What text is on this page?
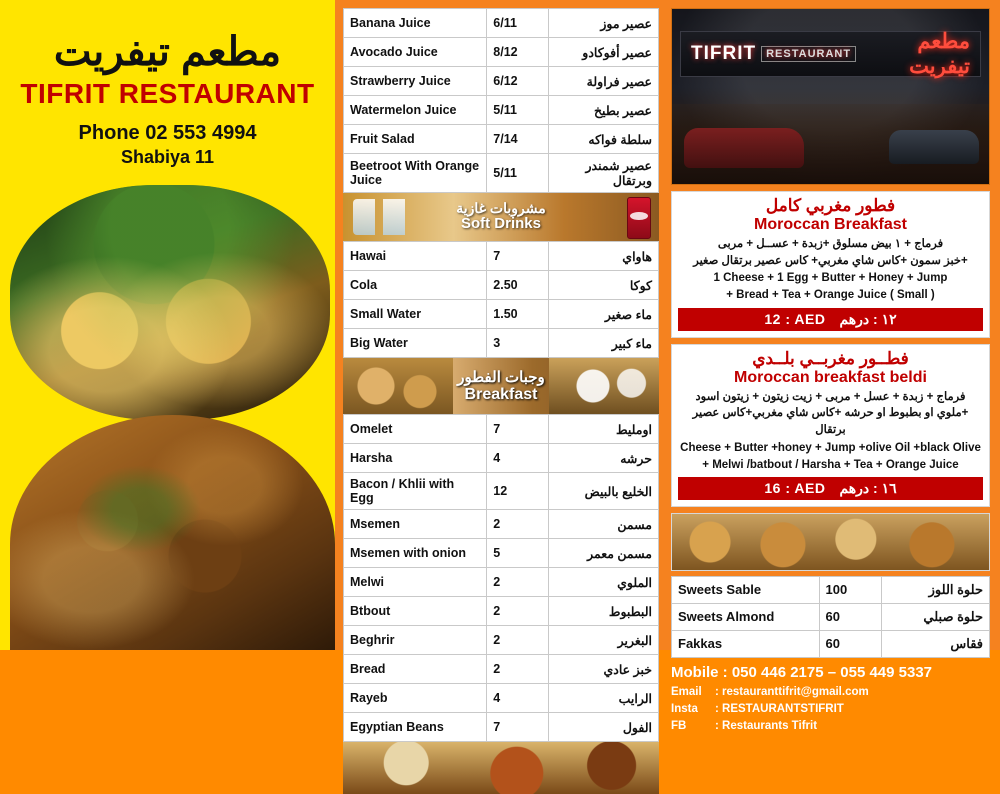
مطعم تيفريت
TIFRIT RESTAURANT
Phone 02 553 4994
Shabiya 11
Banana Juice	6/11	عصير موز
Avocado Juice	8/12	عصير أفوكادو
Strawberry Juice	6/12	عصير فراولة
Watermelon Juice	5/11	عصير بطيخ
Fruit Salad	7/14	سلطة فواكه
Beetroot With Orange Juice	5/11	عصير شمندر وبرتقال
مشروبات غازية
Soft Drinks
Hawai	7	هاواي
Cola	2.50	كوكا
Small Water	1.50	ماء صغير
Big Water	3	ماء كبير
وجبات الفطور
Breakfast
Omelet	7	اوملیط
Harsha	4	حرشه
Bacon / Khlii with Egg	12	الخليع بالبيض
Msemen	2	مسمن
Msemen with onion	5	مسمن معمر
Melwi	2	الملوي
Btbout	2	البطبوط
Beghrir	2	البغرير
Bread	2	خبز عادي
Rayeb	4	الرايب
Egyptian Beans	7	الفول
TIFRIT RESTAURANT
مطعم تيفريت
فطور مغربي كامل
Moroccan Breakfast
فرماج + ١ بيض مسلوق +زبدة + عســل + مربى
+خبز سمون +كاس شاي مغربي+ كاس عصير برتقال صغير
1 Cheese + 1 Egg + Butter + Honey + Jump
+ Bread + Tea + Orange Juice ( Small )
12 : AED ١٢ : درهم
فطــور مغربــي بلــدي
Moroccan breakfast beldi
فرماج + زبدة + عسل + مربى + زيت زيتون + زيتون اسود
+ملوي او بطبوط او حرشه +كاس شاي مغربي+كاس عصير برتقال
Cheese + Butter +honey + Jump +olive Oil +black Olive
+ Melwi /batbout / Harsha + Tea + Orange Juice
16 : AED ١٦ : درهم
Sweets Sable	100	حلوة اللوز
Sweets Almond	60	حلوة صبلي
Fakkas	60	فقاس
Mobile : 050 446 2175 – 055 449 5337
Email	: restauranttifrit@gmail.com
Insta	: RESTAURANTSTIFRIT
FB	: Restaurants Tifrit
